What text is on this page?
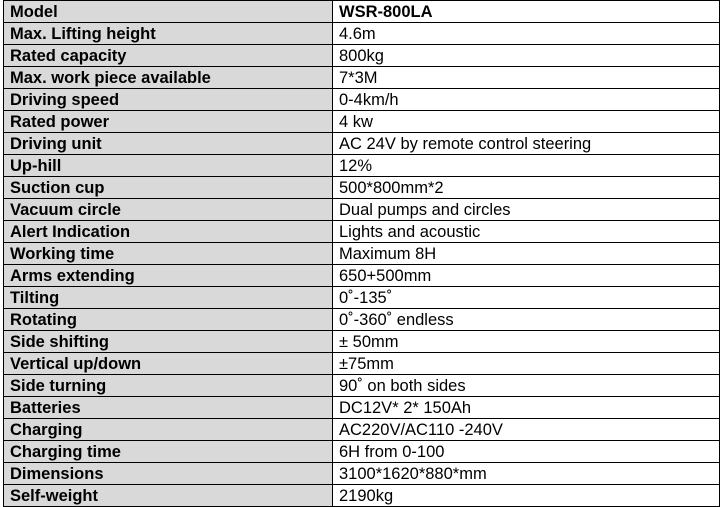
Model	WSR-800LA
Max. Lifting height	4.6m
Rated capacity	800kg
Max. work piece available	7*3M
Driving speed	0-4km/h
Rated power	4 kw
Driving unit	AC 24V by remote control steering
Up-hill	12%
Suction cup	500*800mm*2
Vacuum circle	Dual pumps and circles
Alert Indication	Lights and acoustic
Working time	Maximum 8H
Arms extending	650+500mm
Tilting	0˚-135˚
Rotating	0˚-360˚ endless
Side shifting	± 50mm
Vertical up/down	±75mm
Side turning	90˚ on both sides
Batteries	DC12V* 2* 150Ah
Charging	AC220V/AC110 -240V
Charging time	6H from 0-100
Dimensions	3100*1620*880*mm
Self-weight	2190kg
